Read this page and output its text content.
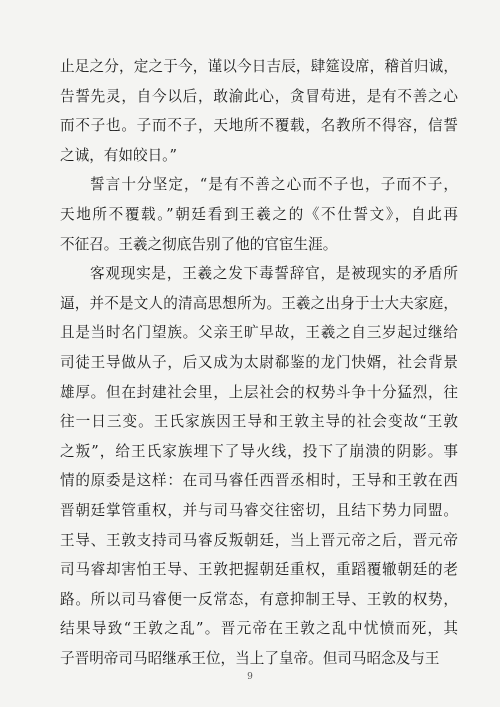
止足之分，定之于今，谨以今日吉辰，肆筵设席，稽首归诚，
告誓先灵，自今以后，敢渝此心，贪冒苟进，是有不善之心
而不子也。子而不子，天地所不覆载，名教所不得容，信誓
之诚，有如皎日。”
誓言十分坚定，“是有不善之心而不子也，子而不子，
天地所不覆载。”朝廷看到王羲之的《不仕誓文》，自此再
不征召。王羲之彻底告别了他的官宦生涯。
客观现实是，王羲之发下毒誓辞官，是被现实的矛盾所
逼，并不是文人的清高思想所为。王羲之出身于士大夫家庭，
且是当时名门望族。父亲王旷早故，王羲之自三岁起过继给
司徒王导做从子，后又成为太尉郗鉴的龙门快婿，社会背景
雄厚。但在封建社会里，上层社会的权势斗争十分猛烈，往
往一日三变。王氏家族因王导和王敦主导的社会变故“王敦
之叛”，给王氏家族埋下了导火线，投下了崩溃的阴影。事
情的原委是这样：在司马睿任西晋丞相时，王导和王敦在西
晋朝廷掌管重权，并与司马睿交往密切，且结下势力同盟。
王导、王敦支持司马睿反叛朝廷，当上晋元帝之后，晋元帝
司马睿却害怕王导、王敦把握朝廷重权，重蹈覆辙朝廷的老
路。所以司马睿便一反常态，有意抑制王导、王敦的权势，
结果导致“王敦之乱”。晋元帝在王敦之乱中忧愤而死，其
子晋明帝司马昭继承王位，当上了皇帝。但司马昭念及与王
9
